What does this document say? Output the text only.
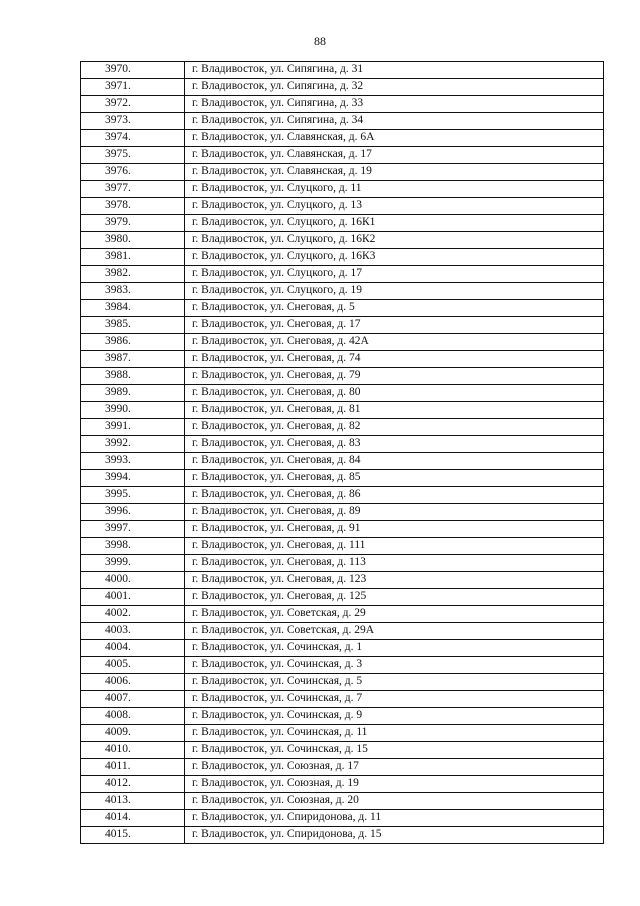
88
3970.	г. Владивосток, ул. Сипягина, д. 31
3971.	г. Владивосток, ул. Сипягина, д. 32
3972.	г. Владивосток, ул. Сипягина, д. 33
3973.	г. Владивосток, ул. Сипягина, д. 34
3974.	г. Владивосток, ул. Славянская, д. 6А
3975.	г. Владивосток, ул. Славянская, д. 17
3976.	г. Владивосток, ул. Славянская, д. 19
3977.	г. Владивосток, ул. Слуцкого, д. 11
3978.	г. Владивосток, ул. Слуцкого, д. 13
3979.	г. Владивосток, ул. Слуцкого, д. 16К1
3980.	г. Владивосток, ул. Слуцкого, д. 16К2
3981.	г. Владивосток, ул. Слуцкого, д. 16К3
3982.	г. Владивосток, ул. Слуцкого, д. 17
3983.	г. Владивосток, ул. Слуцкого, д. 19
3984.	г. Владивосток, ул. Снеговая, д. 5
3985.	г. Владивосток, ул. Снеговая, д. 17
3986.	г. Владивосток, ул. Снеговая, д. 42А
3987.	г. Владивосток, ул. Снеговая, д. 74
3988.	г. Владивосток, ул. Снеговая, д. 79
3989.	г. Владивосток, ул. Снеговая, д. 80
3990.	г. Владивосток, ул. Снеговая, д. 81
3991.	г. Владивосток, ул. Снеговая, д. 82
3992.	г. Владивосток, ул. Снеговая, д. 83
3993.	г. Владивосток, ул. Снеговая, д. 84
3994.	г. Владивосток, ул. Снеговая, д. 85
3995.	г. Владивосток, ул. Снеговая, д. 86
3996.	г. Владивосток, ул. Снеговая, д. 89
3997.	г. Владивосток, ул. Снеговая, д. 91
3998.	г. Владивосток, ул. Снеговая, д. 111
3999.	г. Владивосток, ул. Снеговая, д. 113
4000.	г. Владивосток, ул. Снеговая, д. 123
4001.	г. Владивосток, ул. Снеговая, д. 125
4002.	г. Владивосток, ул. Советская, д. 29
4003.	г. Владивосток, ул. Советская, д. 29А
4004.	г. Владивосток, ул. Сочинская, д. 1
4005.	г. Владивосток, ул. Сочинская, д. 3
4006.	г. Владивосток, ул. Сочинская, д. 5
4007.	г. Владивосток, ул. Сочинская, д. 7
4008.	г. Владивосток, ул. Сочинская, д. 9
4009.	г. Владивосток, ул. Сочинская, д. 11
4010.	г. Владивосток, ул. Сочинская, д. 15
4011.	г. Владивосток, ул. Союзная, д. 17
4012.	г. Владивосток, ул. Союзная, д. 19
4013.	г. Владивосток, ул. Союзная, д. 20
4014.	г. Владивосток, ул. Спиридонова, д. 11
4015.	г. Владивосток, ул. Спиридонова, д. 15
